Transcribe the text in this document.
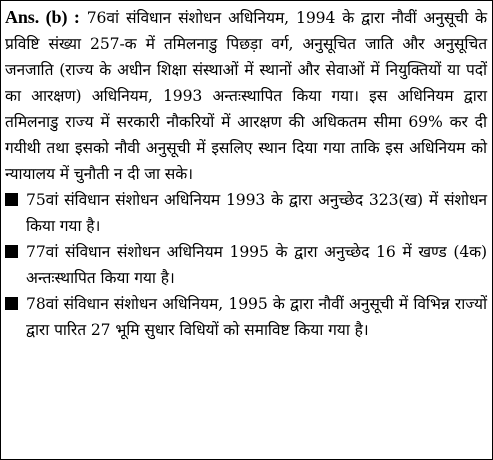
Ans. (b) : 76वां संविधान संशोधन अधिनियम, 1994 के द्वारा नौवीं अनुसूची के प्रविष्टि संख्या 257-क में तमिलनाडु पिछड़ा वर्ग, अनुसूचित जाति और अनुसूचित जनजाति (राज्य के अधीन शिक्षा संस्थाओं में स्थानों और सेवाओं में नियुक्तियों या पदों का आरक्षण) अधिनियम, 1993 अन्तःस्थापित किया गया। इस अधिनियम द्वारा तमिलनाडु राज्य में सरकारी नौकरियों में आरक्षण की अधिकतम सीमा 69% कर दी गयीथी तथा इसको नौवी अनुसूची में इसलिए स्थान दिया गया ताकि इस अधिनियम को न्यायालय में चुनौती न दी जा सके।

75वां संविधान संशोधन अधिनियम 1993 के द्वारा अनुच्छेद 323(ख) में संशोधन किया गया है।
77वां संविधान संशोधन अधिनियम 1995 के द्वारा अनुच्छेद 16 में खण्ड (4क) अन्तःस्थापित किया गया है।
78वां संविधान संशोधन अधिनियम, 1995 के द्वारा नौवीं अनुसूची में विभिन्न राज्यों द्वारा पारित 27 भूमि सुधार विधियों को समाविष्ट किया गया है।
